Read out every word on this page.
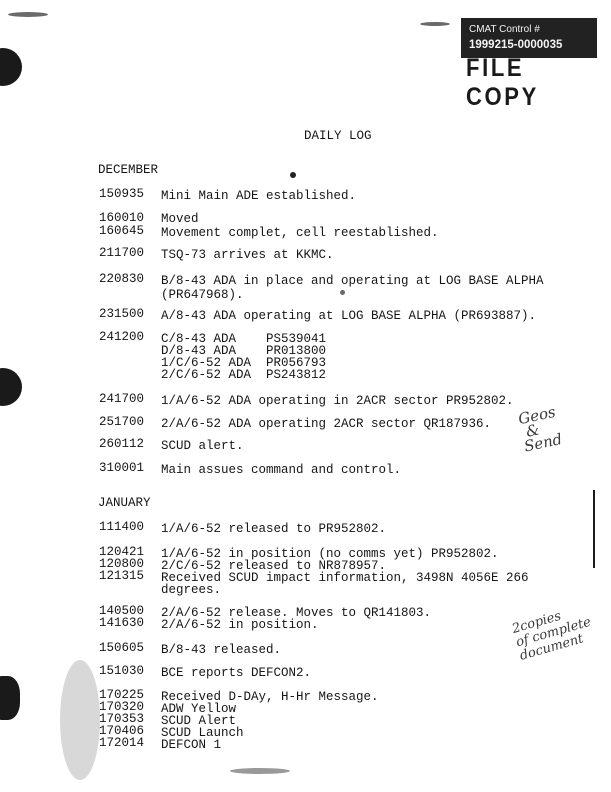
CMAT Control #
1999215-0000035
FILE COPY
DAILY LOG
DECEMBER
150935 Mini Main ADE established.
160010
160645
Moved
Movement complet, cell reestablished.
211700 TSQ-73 arrives at KKMC.
220830 B/8-43 ADA in place and operating at LOG BASE ALPHA
(PR647968).
231500 A/8-43 ADA operating at LOG BASE ALPHA (PR693887).
241200 C/8-43 ADA    PS539041
D/8-43 ADA    PR013800
1/C/6-52 ADA  PR056793
2/C/6-52 ADA  PS243812
241700 1/A/6-52 ADA operating in 2ACR sector PR952802.
251700 2/A/6-52 ADA operating 2ACR sector QR187936.
260112 SCUD alert.
310001 Main assues command and control.
JANUARY
111400 1/A/6-52 released to PR952802.
120421
120800
121315
1/A/6-52 in position (no comms yet) PR952802.
2/C/6-52 released to NR878957.
Received SCUD impact information, 3498N 4056E 266
degrees.
140500
141630
2/A/6-52 release. Moves to QR141803.
2/A/6-52 in position.
150605 B/8-43 released.
151030 BCE reports DEFCON2.
170225
170320
170353
170406
172014
Received D-DAy, H-Hr Message.
ADW Yellow
SCUD Alert
SCUD Launch
DEFCON 1
Geos
&
Send
2copies
of complete
document
